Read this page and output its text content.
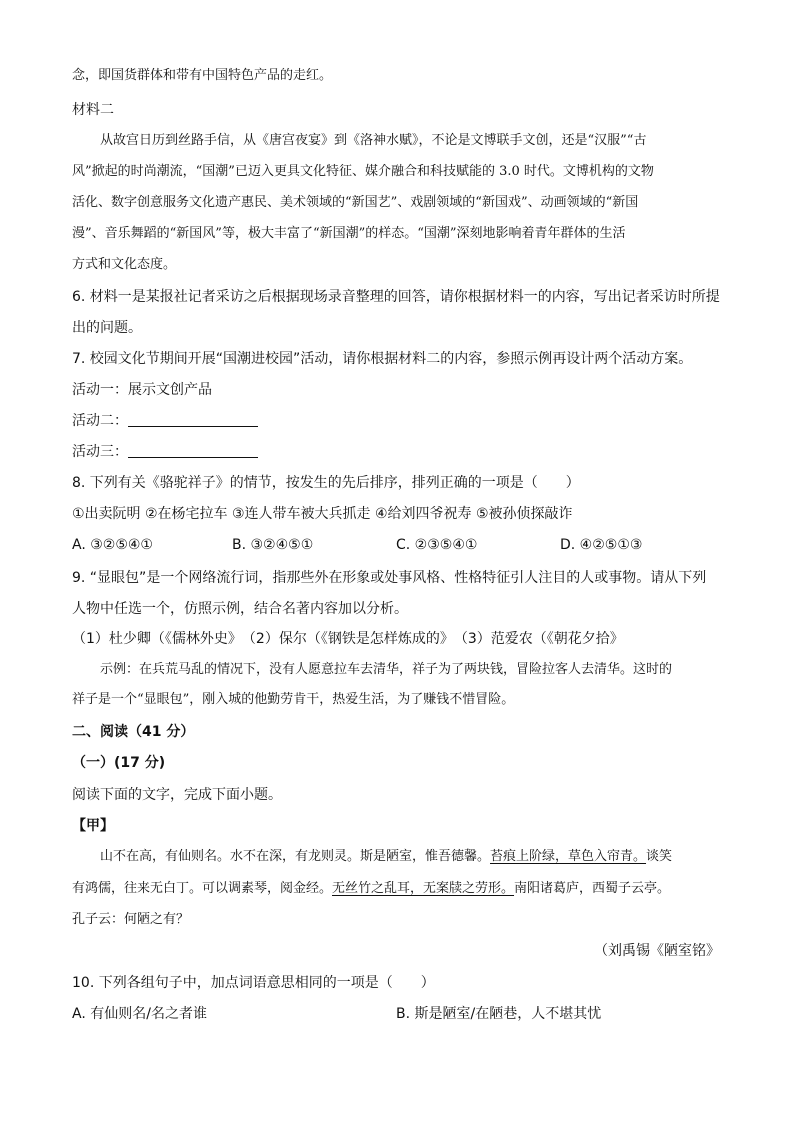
念，即国货群体和带有中国特色产品的走红。
材料二
从故宫日历到丝路手信，从《唐宫夜宴》到《洛神水赋》，不论是文博联手文创，还是“汉服”“古
风”掀起的时尚潮流，“国潮”已迈入更具文化特征、媒介融合和科技赋能的 3.0 时代。文博机构的文物
活化、数字创意服务文化遗产惠民、美术领域的“新国艺”、戏剧领域的“新国戏”、动画领域的“新国
漫”、音乐舞蹈的“新国风”等，极大丰富了“新国潮”的样态。“国潮”深刻地影响着青年群体的生活
方式和文化态度。
6. 材料一是某报社记者采访之后根据现场录音整理的回答，请你根据材料一的内容，写出记者采访时所提
出的问题。
7. 校园文化节期间开展“国潮进校园”活动，请你根据材料二的内容，参照示例再设计两个活动方案。
活动一：展示文创产品
活动二：
活动三：
8. 下列有关《骆驼祥子》的情节，按发生的先后排序，排列正确的一项是（　　）
①出卖阮明 ②在杨宅拉车 ③连人带车被大兵抓走 ④给刘四爷祝寿 ⑤被孙侦探敲诈
A. ③②⑤④①	B. ③②④⑤①	C. ②③⑤④①	D. ④②⑤①③
9. “显眼包”是一个网络流行词，指那些外在形象或处事风格、性格特征引人注目的人或事物。请从下列
人物中任选一个，仿照示例，结合名著内容加以分析。
（1）杜少卿（《儒林外史》　（2）保尔（《钢铁是怎样炼成的》　（3）范爱农（《朝花夕拾》
示例：在兵荒马乱的情况下，没有人愿意拉车去清华，祥子为了两块钱，冒险拉客人去清华。这时的
祥子是一个“显眼包”，刚入城的他勤劳肯干，热爱生活，为了赚钱不惜冒险。
二、阅读（41 分）
（一）(17 分)
阅读下面的文字，完成下面小题。
【甲】
山不在高，有仙则名。水不在深，有龙则灵。斯是陋室，惟吾德馨。苔痕上阶绿，草色入帘青。谈笑
有鸿儒，往来无白丁。可以调素琴，阅金经。无丝竹之乱耳，无案牍之劳形。南阳诸葛庐，西蜀子云亭。
孔子云：何陋之有？
（刘禹锡《陋室铭》
10. 下列各组句子中，加点词语意思相同的一项是（　　）
A. 有仙则名/名之者谁	B. 斯是陋室/在陋巷，人不堪其忧
